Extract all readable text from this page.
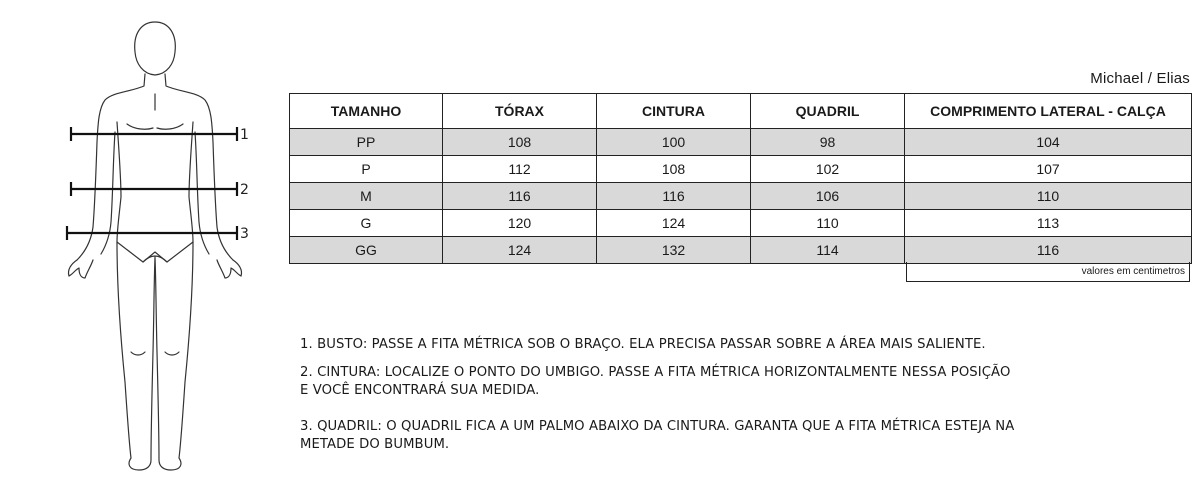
1
2
3
Michael / Elias
TAMANHO	TÓRAX	CINTURA	QUADRIL	COMPRIMENTO LATERAL - CALÇA
PP	108	100	98	104
P	112	108	102	107
M	116	116	106	110
G	120	124	110	113
GG	124	132	114	116
valores em centimetros

1. BUSTO: PASSE A FITA MÉTRICA SOB O BRAÇO. ELA PRECISA PASSAR SOBRE A ÁREA MAIS SALIENTE.

2. CINTURA: LOCALIZE O PONTO DO UMBIGO. PASSE A FITA MÉTRICA HORIZONTALMENTE NESSA POSIÇÃO E VOCÊ ENCONTRARÁ SUA MEDIDA.

3. QUADRIL: O QUADRIL FICA A UM PALMO ABAIXO DA CINTURA. GARANTA QUE A FITA MÉTRICA ESTEJA NA METADE DO BUMBUM.
